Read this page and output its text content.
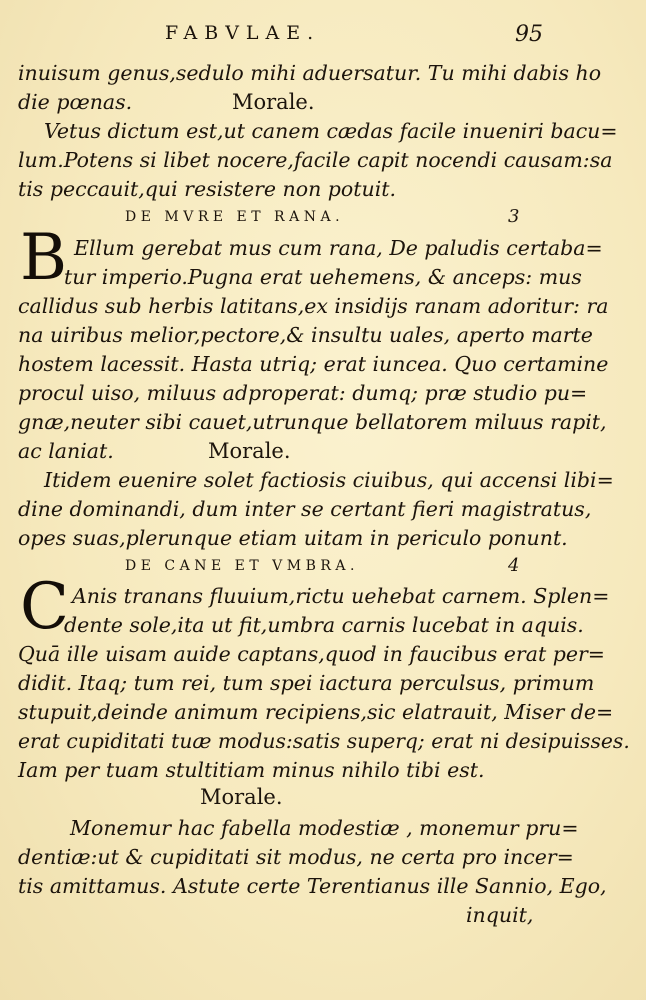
FABVLAE.	95
inuisum genus,sedulo mihi aduersatur. Tu mihi dabis ho
die pœnas.	Morale.
Vetus dictum est,ut canem cædas facile inueniri bacu=
lum.Potens si libet nocere,facile capit nocendi causam:sa
tis peccauit,qui resistere non potuit.
DE MVRE ET RANA.	3
B Ellum gerebat mus cum rana, De paludis certaba=
tur imperio.Pugna erat uehemens, & anceps: mus
callidus sub herbis latitans,ex insidijs ranam adoritur: ra
na uiribus melior,pectore,& insultu uales, aperto marte
hostem lacessit. Hasta utriq; erat iuncea. Quo certamine
procul uiso, miluus adproperat: dumq; præ studio pu=
gnæ,neuter sibi cauet,utrunque bellatorem miluus rapit,
ac laniat.	Morale.
Itidem euenire solet factiosis ciuibus, qui accensi libi=
dine dominandi, dum inter se certant fieri magistratus,
opes suas,plerunque etiam uitam in periculo ponunt.
DE CANE ET VMBRA.	4
C Anis tranans fluuium,rictu uehebat carnem. Splen=
dente sole,ita ut fit,umbra carnis lucebat in aquis.
Quā ille uisam auide captans,quod in faucibus erat per=
didit. Itaq; tum rei, tum spei iactura perculsus, primum
stupuit,deinde animum recipiens,sic elatrauit, Miser de=
erat cupiditati tuæ modus:satis superq; erat ni desipuisses.
Iam per tuam stultitiam minus nihilo tibi est.
Morale.
Monemur hac fabella modestiæ , monemur pru=
dentiæ:ut & cupiditati sit modus, ne certa pro incer=
tis amittamus. Astute certe Terentianus ille Sannio, Ego,
inquit,
